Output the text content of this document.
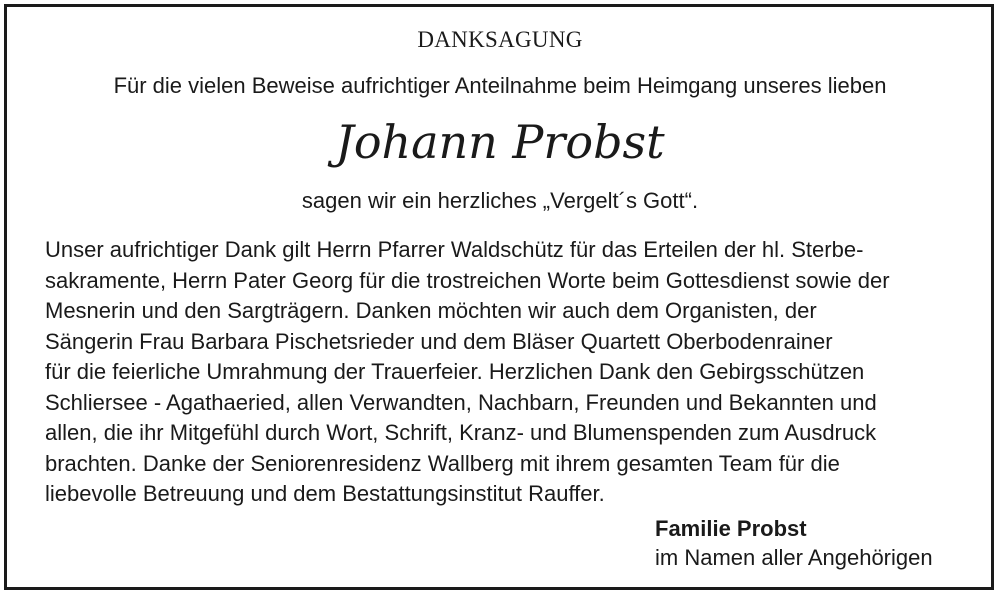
DANKSAGUNG
Für die vielen Beweise aufrichtiger Anteilnahme beim Heimgang unseres lieben
Johann Probst
sagen wir ein herzliches „Vergelt´s Gott“.
Unser aufrichtiger Dank gilt Herrn Pfarrer Waldschütz für das Erteilen der hl. Sterbe-
sakramente, Herrn Pater Georg für die trostreichen Worte beim Gottesdienst sowie der
Mesnerin und den Sargträgern. Danken möchten wir auch dem Organisten, der
Sängerin Frau Barbara Pischetsrieder und dem Bläser Quartett Oberbodenrainer
für die feierliche Umrahmung der Trauerfeier. Herzlichen Dank den Gebirgsschützen
Schliersee - Agathaeried, allen Verwandten, Nachbarn, Freunden und Bekannten und
allen, die ihr Mitgefühl durch Wort, Schrift, Kranz- und Blumenspenden zum Ausdruck
brachten. Danke der Seniorenresidenz Wallberg mit ihrem gesamten Team für die
liebevolle Betreuung und dem Bestattungsinstitut Rauffer.
Familie Probst
im Namen aller Angehörigen
